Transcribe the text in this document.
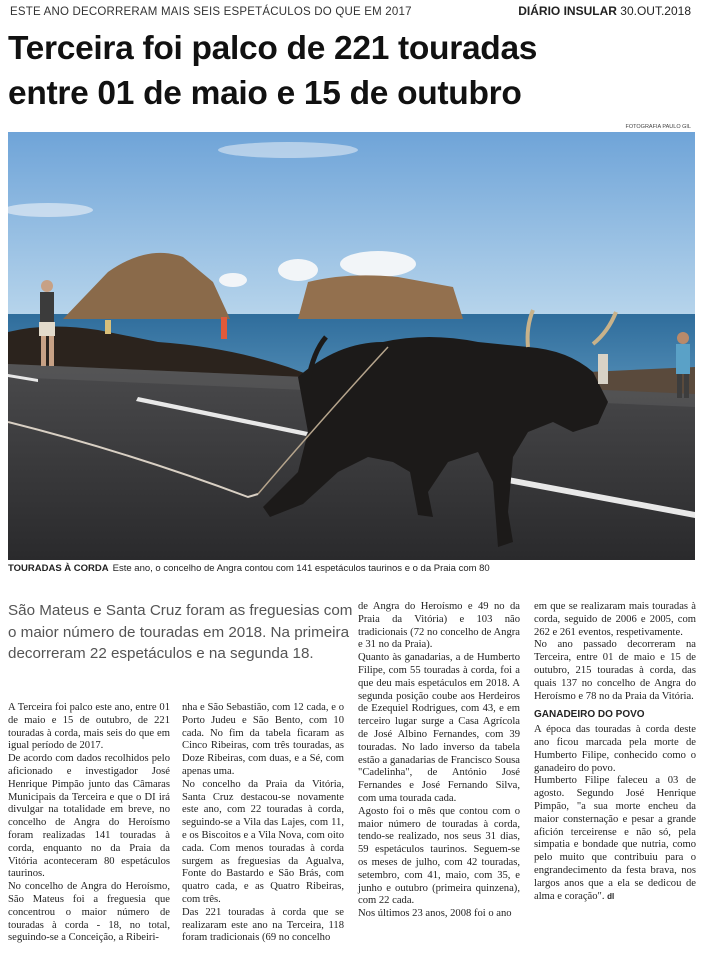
ESTE ANO DECORRERAM MAIS SEIS ESPETÁCULOS DO QUE EM 2017	DIÁRIO INSULAR 30.OUT.2018
Terceira foi palco de 221 touradas
entre 01 de maio e 15 de outubro
FOTOGRAFIA PAULO GIL
TOURADAS À CORDA Este ano, o concelho de Angra contou com 141 espetáculos taurinos e o da Praia com 80

São Mateus e Santa Cruz foram as freguesias com o maior número de touradas em 2018. Na primeira decorreram 22 espetáculos e na segunda 18.

A Terceira foi palco este ano, entre 01 de maio e 15 de outubro, de 221 touradas à corda, mais seis do que em igual período de 2017.

De acordo com dados recolhidos pelo aficionado e investigador José Henrique Pimpão junto das Câmaras Municipais da Terceira e que o DI irá divulgar na totalidade em breve, no concelho de Angra do Heroísmo foram realizadas 141 touradas à corda, enquanto no da Praia da Vitória aconteceram 80 espetáculos taurinos.

No concelho de Angra do Heroísmo, São Mateus foi a freguesia que concentrou o maior número de touradas à corda - 18, no total, seguindo-se a Conceição, a Ribeiri-

nha e São Sebastião, com 12 cada, e o Porto Judeu e São Bento, com 10 cada. No fim da tabela ficaram as Cinco Ribeiras, com três touradas, as Doze Ribeiras, com duas, e a Sé, com apenas uma.

No concelho da Praia da Vitória, Santa Cruz destacou-se novamente este ano, com 22 touradas à corda, seguindo-se a Vila das Lajes, com 11, e os Biscoitos e a Vila Nova, com oito cada. Com menos touradas à corda surgem as freguesias da Agualva, Fonte do Bastardo e São Brás, com quatro cada, e as Quatro Ribeiras, com três.

Das 221 touradas à corda que se realizaram este ano na Terceira, 118 foram tradicionais (69 no concelho

de Angra do Heroísmo e 49 no da Praia da Vitória) e 103 não tradicionais (72 no concelho de Angra e 31 no da Praia).

Quanto às ganadarias, a de Humberto Filipe, com 55 touradas à corda, foi a que deu mais espetáculos em 2018. A segunda posição coube aos Herdeiros de Ezequiel Rodrigues, com 43, e em terceiro lugar surge a Casa Agrícola de José Albino Fernandes, com 39 touradas. No lado inverso da tabela estão a ganadarias de Francisco Sousa "Cadelinha", de António José Fernandes e José Fernando Silva, com uma tourada cada.

Agosto foi o mês que contou com o maior número de touradas à corda, tendo-se realizado, nos seus 31 dias, 59 espetáculos taurinos. Seguem-se os meses de julho, com 42 touradas, setembro, com 41, maio, com 35, e junho e outubro (primeira quinzena), com 22 cada.

Nos últimos 23 anos, 2008 foi o ano

em que se realizaram mais touradas à corda, seguido de 2006 e 2005, com 262 e 261 eventos, respetivamente.

No ano passado decorreram na Terceira, entre 01 de maio e 15 de outubro, 215 touradas à corda, das quais 137 no concelho de Angra do Heroísmo e 78 no da Praia da Vitória.

GANADEIRO DO POVO

A época das touradas à corda deste ano ficou marcada pela morte de Humberto Filipe, conhecido como o ganadeiro do povo.

Humberto Filipe faleceu a 03 de agosto. Segundo José Henrique Pimpão, "a sua morte encheu da maior consternação e pesar a grande afición terceirense e não só, pela simpatia e bondade que nutria, como pelo muito que contribuiu para o engrandecimento da festa brava, nos largos anos que a ela se dedicou de alma e coração". dl
